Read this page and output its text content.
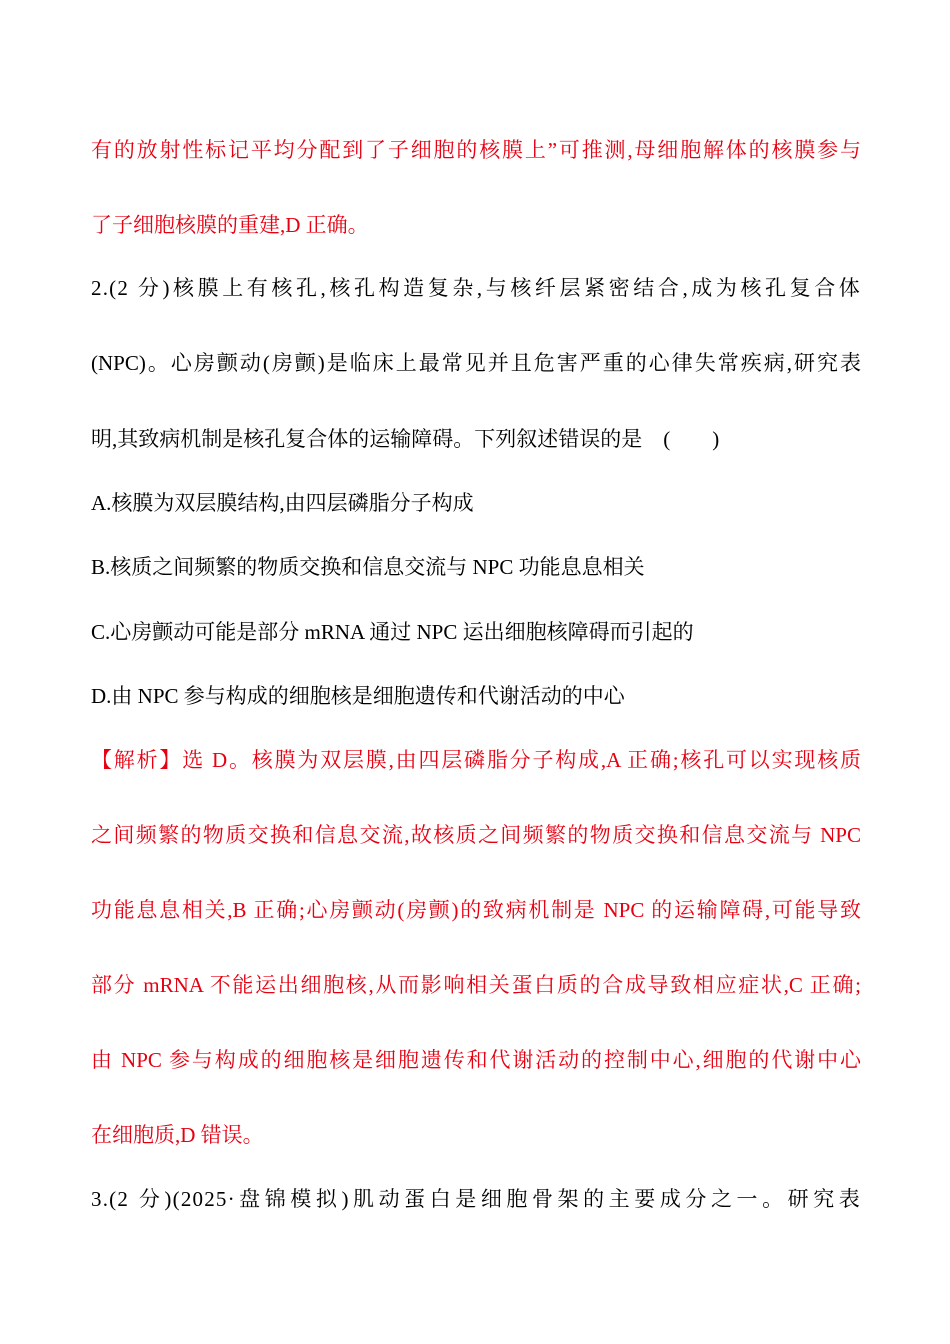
有的放射性标记平均分配到了子细胞的核膜上”可推测,母细胞解体的核膜参与
了子细胞核膜的重建,D 正确。
2.(2 分)核膜上有核孔,核孔构造复杂,与核纤层紧密结合,成为核孔复合体
(NPC)。心房颤动(房颤)是临床上最常见并且危害严重的心律失常疾病,研究表
明,其致病机制是核孔复合体的运输障碍。下列叙述错误的是　(　　)
A.核膜为双层膜结构,由四层磷脂分子构成
B.核质之间频繁的物质交换和信息交流与 NPC 功能息息相关
C.心房颤动可能是部分 mRNA 通过 NPC 运出细胞核障碍而引起的
D.由 NPC 参与构成的细胞核是细胞遗传和代谢活动的中心
【解析】选 D。核膜为双层膜,由四层磷脂分子构成,A 正确;核孔可以实现核质
之间频繁的物质交换和信息交流,故核质之间频繁的物质交换和信息交流与 NPC
功能息息相关,B 正确;心房颤动(房颤)的致病机制是 NPC 的运输障碍,可能导致
部分 mRNA 不能运出细胞核,从而影响相关蛋白质的合成导致相应症状,C 正确;
由 NPC 参与构成的细胞核是细胞遗传和代谢活动的控制中心,细胞的代谢中心
在细胞质,D 错误。
3.(2 分)(2025·盘锦模拟)肌动蛋白是细胞骨架的主要成分之一。研究表
